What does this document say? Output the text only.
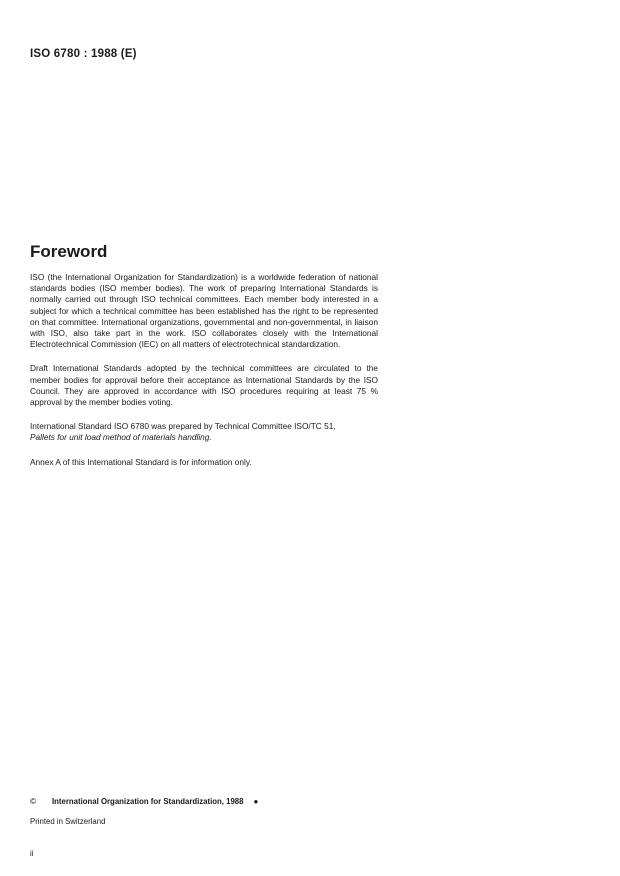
ISO 6780 : 1988 (E)
Foreword

ISO (the International Organization for Standardization) is a worldwide federation of national standards bodies (ISO member bodies). The work of preparing International Standards is normally carried out through ISO technical committees. Each member body interested in a subject for which a technical committee has been established has the right to be represented on that committee. International organizations, governmental and non-governmental, in liaison with ISO, also take part in the work. ISO collaborates closely with the International Electrotechnical Commission (IEC) on all matters of electrotechnical standardization.

Draft International Standards adopted by the technical committees are circulated to the member bodies for approval before their acceptance as International Standards by the ISO Council. They are approved in accordance with ISO procedures requiring at least 75 % approval by the member bodies voting.

International Standard ISO 6780 was prepared by Technical Committee ISO/TC 51,
Pallets for unit load method of materials handling.

Annex A of this International Standard is for information only.

©	International Organization for Standardization, 1988 ●
Printed in Switzerland
ii
